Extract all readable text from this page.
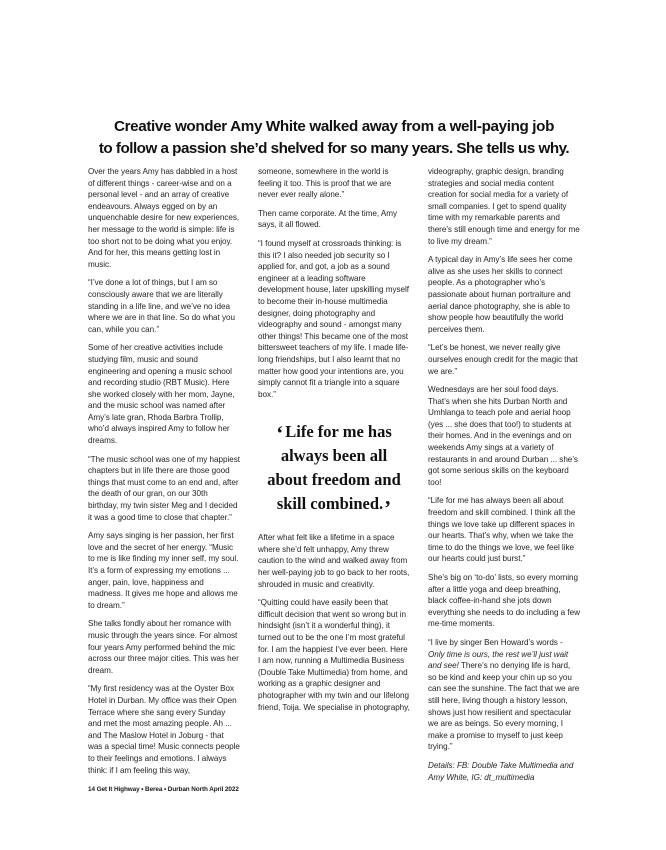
Creative wonder Amy White walked away from a well-paying job
to follow a passion she’d shelved for so many years. She tells us why.

Over the years Amy has dabbled in a host of different things - career-wise and on a personal level - and an array of creative endeavours. Always egged on by an unquenchable desire for new experiences, her message to the world is simple: life is too short not to be doing what you enjoy. And for her, this means getting lost in music.

“I’ve done a lot of things, but I am so consciously aware that we are literally standing in a life line, and we’ve no idea where we are in that line. So do what you can, while you can.”

Some of her creative activities include studying film, music and sound engineering and opening a music school and recording studio (RBT Music). Here she worked closely with her mom, Jayne, and the music school was named after Amy’s late gran, Rhoda Barbra Trollip, who’d always inspired Amy to follow her dreams.

“The music school was one of my happiest chapters but in life there are those good things that must come to an end and, after the death of our gran, on our 30th birthday, my twin sister Meg and I decided it was a good time to close that chapter.”

Amy says singing is her passion, her first love and the secret of her energy. “Music to me is like finding my inner self, my soul. It’s a form of expressing my emotions ... anger, pain, love, happiness and madness. It gives me hope and allows me to dream.”

She talks fondly about her romance with music through the years since. For almost four years Amy performed behind the mic across our three major cities. This was her dream.

“My first residency was at the Oyster Box Hotel in Durban. My office was their Open Terrace where she sang every Sunday and met the most amazing people. Ah ... and The Maslow Hotel in Joburg - that was a special time! Music connects people to their feelings and emotions. I always think: if I am feeling this way,

someone, somewhere in the world is feeling it too. This is proof that we are never ever really alone.”

Then came corporate. At the time, Amy says, it all flowed.

“I found myself at crossroads thinking: is this it? I also needed job security so I applied for, and got, a job as a sound engineer at a leading software development house, later upskilling myself to become their in-house multimedia designer, doing photography and videography and sound - amongst many other things! This became one of the most bittersweet teachers of my life. I made life-long friendships, but I also learnt that no matter how good your intentions are, you simply cannot fit a triangle into a square box.”

‘ Life for me has always been all about freedom and skill combined.’

After what felt like a lifetime in a space where she’d felt unhappy, Amy threw caution to the wind and walked away from her well-paying job to go back to her roots, shrouded in music and creativity.

“Quitting could have easily been that difficult decision that went so wrong but in hindsight (isn’t it a wonderful thing), it turned out to be the one I’m most grateful for. I am the happiest I’ve ever been. Here I am now, running a Multimedia Business (Double Take Multimedia) from home, and working as a graphic designer and photographer with my twin and our lifelong friend, Toija. We specialise in photography,

videography, graphic design, branding strategies and social media content creation for social media for a variety of small companies. I get to spend quality time with my remarkable parents and there’s still enough time and energy for me to live my dream.”

A typical day in Amy’s life sees her come alive as she uses her skills to connect people. As a photographer who’s passionate about human portraiture and aerial dance photography, she is able to show people how beautifully the world perceives them.

“Let’s be honest, we never really give ourselves enough credit for the magic that we are.”

Wednesdays are her soul food days. That’s when she hits Durban North and Umhlanga to teach pole and aerial hoop (yes ... she does that too!) to students at their homes. And in the evenings and on weekends Amy sings at a variety of restaurants in and around Durban ... she’s got some serious skills on the keyboard too!

“Life for me has always been all about freedom and skill combined. I think all the things we love take up different spaces in our hearts. That’s why, when we take the time to do the things we love, we feel like our hearts could just burst.”

She’s big on ‘to-do’ lists, so every morning after a little yoga and deep breathing, black coffee-in-hand she jots down everything she needs to do including a few me-time moments.

“I live by singer Ben Howard’s words - Only time is ours, the rest we’ll just wait and see! There’s no denying life is hard, so be kind and keep your chin up so you can see the sunshine. The fact that we are still here, living though a history lesson, shows just how resilient and spectacular we are as beings. So every morning, I make a promise to myself to just keep trying.”

Details: FB: Double Take Multimedia and Amy White, IG: dt_multimedia

14 Get It Highway • Berea • Durban North April 2022
